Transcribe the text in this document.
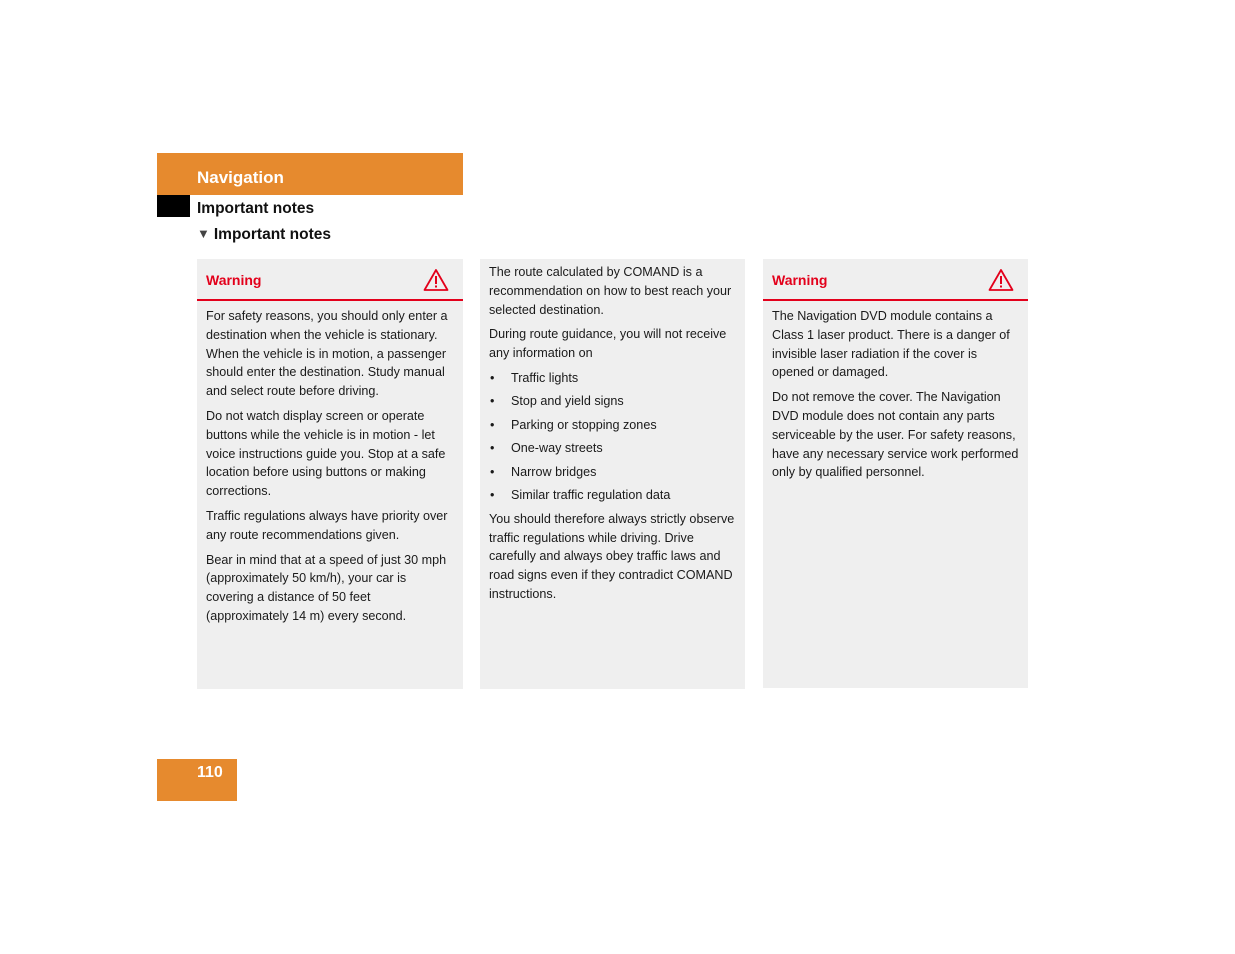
Navigation
Important notes
▼ Important notes
Warning

For safety reasons, you should only enter a destination when the vehicle is stationary. When the vehicle is in motion, a passenger should enter the destination. Study manual and select route before driving.

Do not watch display screen or operate buttons while the vehicle is in motion - let voice instructions guide you. Stop at a safe location before using buttons or making corrections.

Traffic regulations always have priority over any route recommendations given.

Bear in mind that at a speed of just 30 mph (approximately 50 km/h), your car is covering a distance of 50 feet (approximately 14 m) every second.

The route calculated by COMAND is a recommendation on how to best reach your selected destination.

During route guidance, you will not receive any information on

• Traffic lights
• Stop and yield signs
• Parking or stopping zones
• One-way streets
• Narrow bridges
• Similar traffic regulation data

You should therefore always strictly observe traffic regulations while driving. Drive carefully and always obey traffic laws and road signs even if they contradict COMAND instructions.

Warning

The Navigation DVD module contains a Class 1 laser product. There is a danger of invisible laser radiation if the cover is opened or damaged.

Do not remove the cover. The Navigation DVD module does not contain any parts serviceable by the user. For safety reasons, have any necessary service work performed only by qualified personnel.

110
